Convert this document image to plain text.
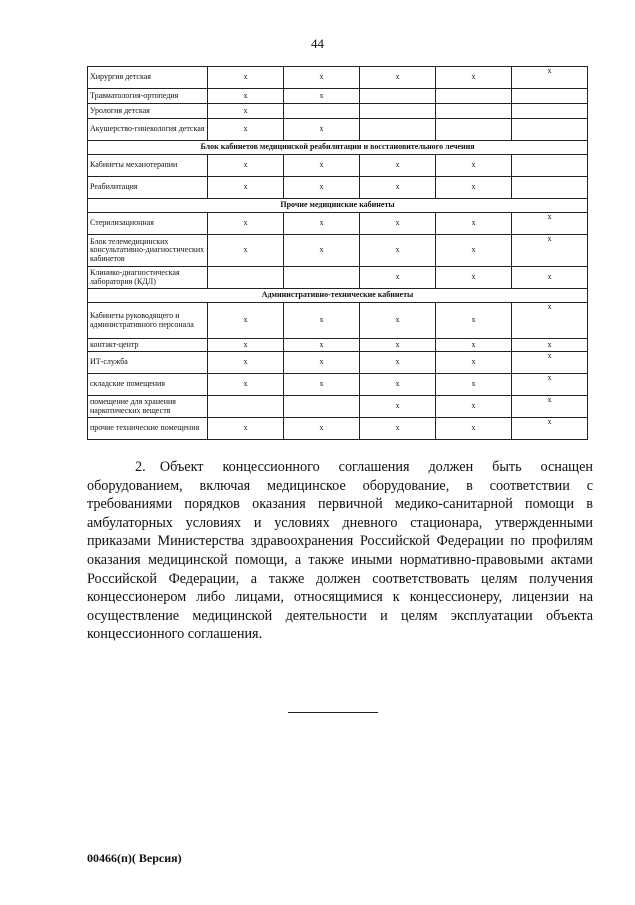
44
Хирургия детская	x	x	x	x	x
Травматология-ортопедия	x	x			
Урология детская	x				
Акушерство-гинекология детская	x	x			
Блок кабинетов медицинской реабилитации и восстановительного лечения					
Кабинеты механотерапии	x	x	x	x	
Реабилитация	x	x	x	x	
Прочие медицинские кабинеты					
Стерилизационная	x	x	x	x	x
Блок телемедицинских консультативно-диагностических кабинетов	x	x	x	x	x
Клинико-диагностическая лаборатория (КДЛ)			x	x	x
Административно-технические кабинеты					
Кабинеты руководящего и административного персонала	x	x	x	x	x
контакт-центр	x	x	x	x	x
ИТ-служба	x	x	x	x	x
складские помещения	x	x	x	x	x
помещение для хранения наркотических веществ			x	x	x
прочие технические помещения	x	x	x	x	x

2. Объект концессионного соглашения должен быть оснащен оборудованием, включая медицинское оборудование, в соответствии с требованиями порядков оказания первичной медико-санитарной помощи в амбулаторных условиях и условиях дневного стационара, утвержденными приказами Министерства здравоохранения Российской Федерации по профилям оказания медицинской помощи, а также иными нормативно-правовыми актами Российской Федерации, а также должен соответствовать целям получения концессионером либо лицами, относящимися к концессионеру, лицензии на осуществление медицинской деятельности и целям эксплуатации объекта концессионного соглашения.

00466(п)( Версия)
